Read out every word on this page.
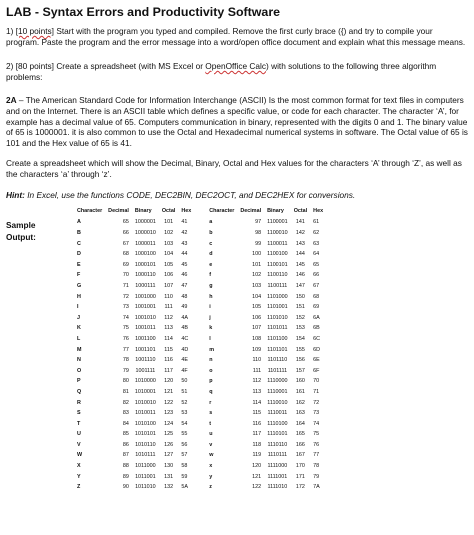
LAB - Syntax Errors and Productivity Software

1) [10 points] Start with the program you typed and compiled. Remove the first curly brace ({) and try to compile your program. Paste the program and the error message into a word/open office document and explain what this message means.

2) [80 points] Create a spreadsheet (with MS Excel or OpenOffice Calc) with solutions to the following three algorithm problems:

2A – The American Standard Code for Information Interchange (ASCII) Is the most common format for text files in computers and on the Internet. There is an ASCII table which defines a specific value, or code for each character. The character ‘A’, for example has a decimal value of 65. Computers communication in binary, represented with the digits 0 and 1. The binary value of 65 is 1000001. it is also common to use the Octal and Hexadecimal numerical systems in software. The Octal value of 65 is 101 and the Hex value of 65 is 41.

Create a spreadsheet which will show the Decimal, Binary, Octal and Hex values for the characters ‘A’ through ‘Z’, as well as the characters ‘a’ through ‘z’.

Hint: In Excel, use the functions CODE, DEC2BIN, DEC2OCT, and DEC2HEX for conversions.

Sample
Output:
Character	Decimal	Binary	Octal	Hex
A	65	1000001	101	41
B	66	1000010	102	42
C	67	1000011	103	43
D	68	1000100	104	44
E	69	1000101	105	45
F	70	1000110	106	46
G	71	1000111	107	47
H	72	1001000	110	48
I	73	1001001	111	49
J	74	1001010	112	4A
K	75	1001011	113	4B
L	76	1001100	114	4C
M	77	1001101	115	4D
N	78	1001110	116	4E
O	79	1001111	117	4F
P	80	1010000	120	50
Q	81	1010001	121	51
R	82	1010010	122	52
S	83	1010011	123	53
T	84	1010100	124	54
U	85	1010101	125	55
V	86	1010110	126	56
W	87	1010111	127	57
X	88	1011000	130	58
Y	89	1011001	131	59
Z	90	1011010	132	5A
Character	Decimal	Binary	Octal	Hex
a	97	1100001	141	61
b	98	1100010	142	62
c	99	1100011	143	63
d	100	1100100	144	64
e	101	1100101	145	65
f	102	1100110	146	66
g	103	1100111	147	67
h	104	1101000	150	68
i	105	1101001	151	69
j	106	1101010	152	6A
k	107	1101011	153	6B
l	108	1101100	154	6C
m	109	1101101	155	6D
n	110	1101110	156	6E
o	111	1101111	157	6F
p	112	1110000	160	70
q	113	1110001	161	71
r	114	1110010	162	72
s	115	1110011	163	73
t	116	1110100	164	74
u	117	1110101	165	75
v	118	1110110	166	76
w	119	1110111	167	77
x	120	1111000	170	78
y	121	1111001	171	79
z	122	1111010	172	7A
